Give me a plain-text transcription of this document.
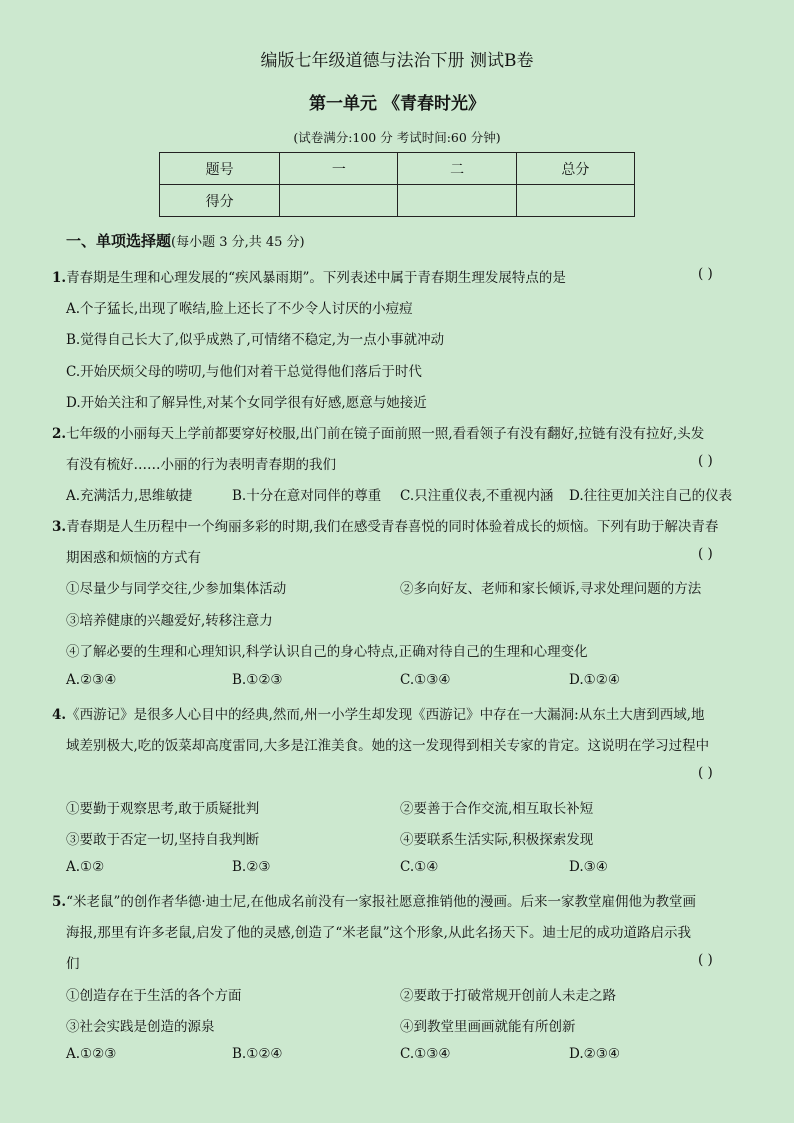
编版七年级道德与法治下册 测试B卷
第一单元 《青春时光》
(试卷满分:100 分 考试时间:60 分钟)
题号	一	二	总分
得分			
一、单项选择题(每小题 3 分,共 45 分)
1.青春期是生理和心理发展的“疾风暴雨期”。下列表述中属于青春期生理发展特点的是	( )
A.个子猛长,出现了喉结,脸上还长了不少令人讨厌的小痘痘
B.觉得自己长大了,似乎成熟了,可情绪不稳定,为一点小事就冲动
C.开始厌烦父母的唠叨,与他们对着干总觉得他们落后于时代
D.开始关注和了解异性,对某个女同学很有好感,愿意与她接近
2.七年级的小丽每天上学前都要穿好校服,出门前在镜子面前照一照,看看领子有没有翻好,拉链有没有拉好,头发
有没有梳好……小丽的行为表明青春期的我们	( )
A.充满活力,思维敏捷	B.十分在意对同伴的尊重 C.只注重仪表,不重视内涵 D.往往更加关注自己的仪表
3.青春期是人生历程中一个绚丽多彩的时期,我们在感受青春喜悦的同时体验着成长的烦恼。下列有助于解决青春
期困惑和烦恼的方式有	( )
①尽量少与同学交往,少参加集体活动	②多向好友、老师和家长倾诉,寻求处理问题的方法
③培养健康的兴趣爱好,转移注意力
④了解必要的生理和心理知识,科学认识自己的身心特点,正确对待自己的生理和心理变化
A.②③④	B.①②③	C.①③④	D.①②④
4.《西游记》是很多人心目中的经典,然而,州一小学生却发现《西游记》中存在一大漏洞:从东土大唐到西域,地
域差别极大,吃的饭菜却高度雷同,大多是江淮美食。她的这一发现得到相关专家的肯定。这说明在学习过程中
( )
①要勤于观察思考,敢于质疑批判	②要善于合作交流,相互取长补短
③要敢于否定一切,坚持自我判断	④要联系生活实际,积极探索发现
A.①②	B.②③	C.①④	D.③④
5.“米老鼠”的创作者华德·迪士尼,在他成名前没有一家报社愿意推销他的漫画。后来一家教堂雇佣他为教堂画
海报,那里有许多老鼠,启发了他的灵感,创造了“米老鼠”这个形象,从此名扬天下。迪士尼的成功道路启示我
们	( )
①创造存在于生活的各个方面	②要敢于打破常规开创前人未走之路
③社会实践是创造的源泉	④到教堂里画画就能有所创新
A.①②③	B.①②④	C.①③④	D.②③④
